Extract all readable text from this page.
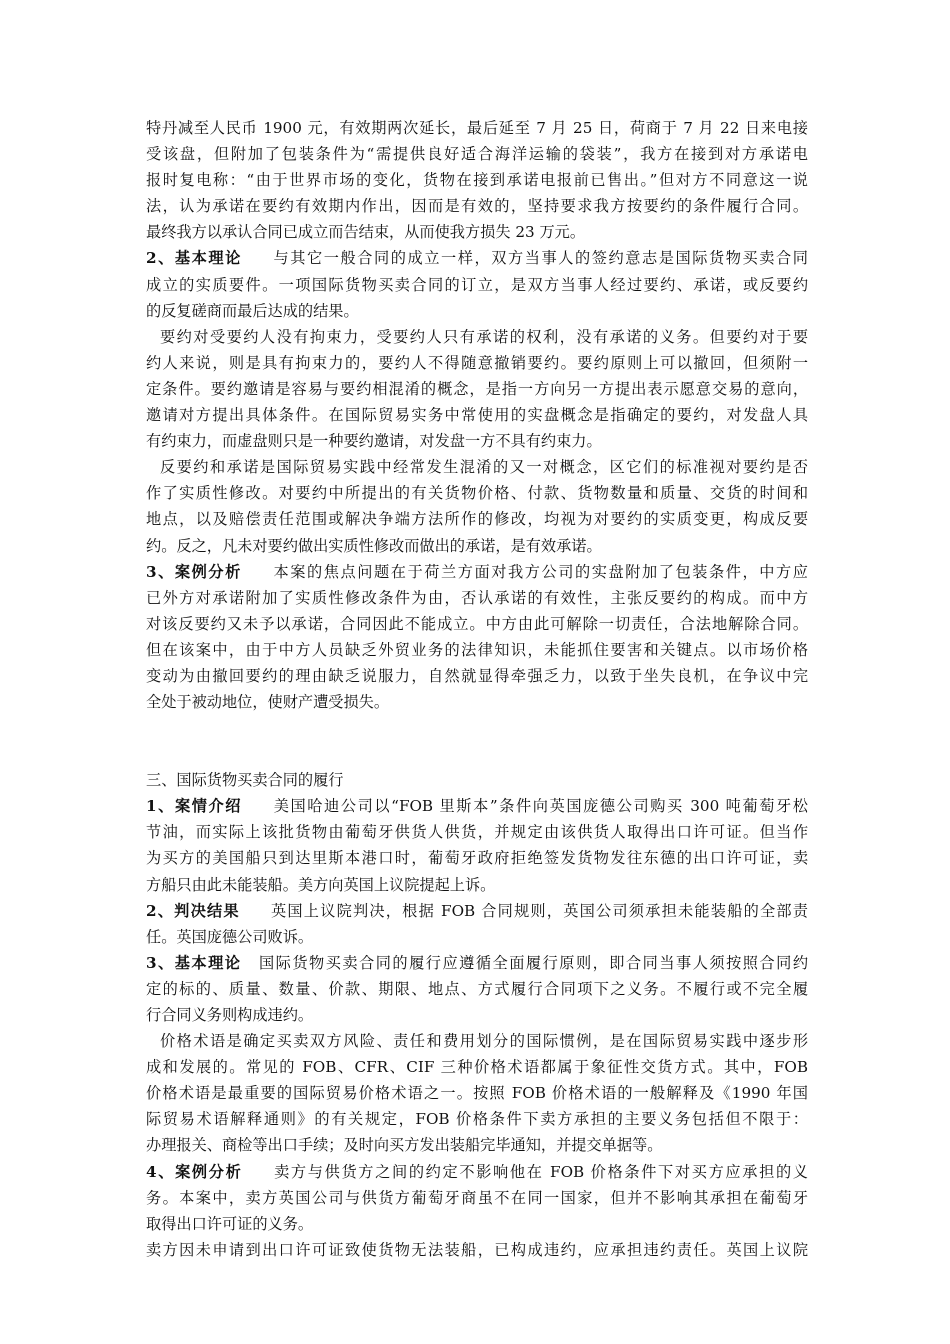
特丹减至人民币 1900 元，有效期两次延长，最后延至 7 月 25 日，荷商于 7 月 22 日来电接
受该盘，但附加了包装条件为“需提供良好适合海洋运输的袋装”，我方在接到对方承诺电
报时复电称：“由于世界市场的变化，货物在接到承诺电报前已售出。”但对方不同意这一说
法，认为承诺在要约有效期内作出，因而是有效的，坚持要求我方按要约的条件履行合同。
最终我方以承认合同已成立而告结束，从而使我方损失 23 万元。
2、基本理论 与其它一般合同的成立一样，双方当事人的签约意志是国际货物买卖合同
成立的实质要件。一项国际货物买卖合同的订立，是双方当事人经过要约、承诺，或反要约
的反复磋商而最后达成的结果。
要约对受要约人没有拘束力，受要约人只有承诺的权利，没有承诺的义务。但要约对于要
约人来说，则是具有拘束力的，要约人不得随意撤销要约。要约原则上可以撤回，但须附一
定条件。要约邀请是容易与要约相混淆的概念，是指一方向另一方提出表示愿意交易的意向，
邀请对方提出具体条件。在国际贸易实务中常使用的实盘概念是指确定的要约，对发盘人具
有约束力，而虚盘则只是一种要约邀请，对发盘一方不具有约束力。
反要约和承诺是国际贸易实践中经常发生混淆的又一对概念，区它们的标准视对要约是否
作了实质性修改。对要约中所提出的有关货物价格、付款、货物数量和质量、交货的时间和
地点，以及赔偿责任范围或解决争端方法所作的修改，均视为对要约的实质变更，构成反要
约。反之，凡未对要约做出实质性修改而做出的承诺，是有效承诺。
3、案例分析 本案的焦点问题在于荷兰方面对我方公司的实盘附加了包装条件，中方应
已外方对承诺附加了实质性修改条件为由，否认承诺的有效性，主张反要约的构成。而中方
对该反要约又未予以承诺，合同因此不能成立。中方由此可解除一切责任，合法地解除合同。
但在该案中，由于中方人员缺乏外贸业务的法律知识，未能抓住要害和关键点。以市场价格
变动为由撤回要约的理由缺乏说服力，自然就显得牵强乏力，以致于坐失良机，在争议中完
全处于被动地位，使财产遭受损失。
三、国际货物买卖合同的履行
1、案情介绍 美国哈迪公司以“FOB 里斯本”条件向英国庞德公司购买 300 吨葡萄牙松
节油，而实际上该批货物由葡萄牙供货人供货，并规定由该供货人取得出口许可证。但当作
为买方的美国船只到达里斯本港口时，葡萄牙政府拒绝签发货物发往东德的出口许可证，卖
方船只由此未能装船。美方向英国上议院提起上诉。
2、判决结果 英国上议院判决，根据 FOB 合同规则，英国公司须承担未能装船的全部责
任。英国庞德公司败诉。
3、基本理论 国际货物买卖合同的履行应遵循全面履行原则，即合同当事人须按照合同约
定的标的、质量、数量、价款、期限、地点、方式履行合同项下之义务。不履行或不完全履
行合同义务则构成违约。
价格术语是确定买卖双方风险、责任和费用划分的国际惯例，是在国际贸易实践中逐步形
成和发展的。常见的 FOB、CFR、CIF 三种价格术语都属于象征性交货方式。其中，FOB
价格术语是最重要的国际贸易价格术语之一。按照 FOB 价格术语的一般解释及《1990 年国
际贸易术语解释通则》的有关规定，FOB 价格条件下卖方承担的主要义务包括但不限于：
办理报关、商检等出口手续；及时向买方发出装船完毕通知，并提交单据等。
4、案例分析 卖方与供货方之间的约定不影响他在 FOB 价格条件下对买方应承担的义
务。本案中，卖方英国公司与供货方葡萄牙商虽不在同一国家，但并不影响其承担在葡萄牙
取得出口许可证的义务。
卖方因未申请到出口许可证致使货物无法装船，已构成违约，应承担违约责任。英国上议院
